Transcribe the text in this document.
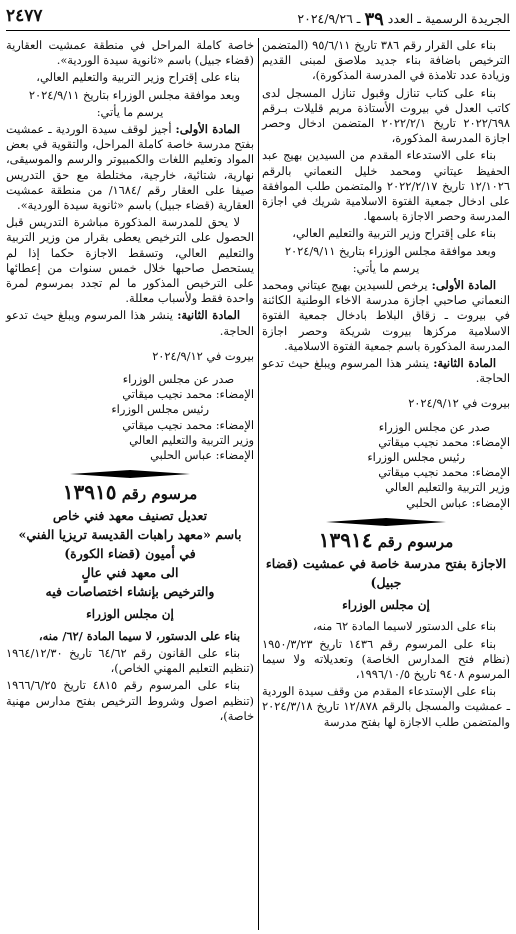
٢٤٧٧	الجريدة الرسمية ـ العدد ٣٩ ـ ٢٠٢٤/٩/٢٦

بناء على القرار رقم ٣٨٦ تاريخ ٩٥/٦/١١ (المتضمن الترخيص باضافة بناء جديد ملاصق لمبنى القديم وزيادة عدد تلامذة في المدرسة المذكورة)،

بناء على كتاب تنازل وقبول تنازل المسجل لدى كاتب العدل في بيروت الأستاذة مريم قليلات بـرقم ٢٠٢٢/٦٩٨ تاريخ ٢٠٢٢/٢/١ المتضمن ادخال وحصر اجازة المدرسة المذكورة،

بناء على الاستدعاء المقدم من السيدين بهيج عبد الحفيظ عيتاني ومحمد خليل النعماني بالرقم ١٢/١٠٢٦ تاريخ ٢٠٢٢/٢/١٧ والمتضمن طلب الموافقة على ادخال جمعية الفتوة الاسلامية شريك في اجازة المدرسة وحصر الاجازة باسمها.

بناء على إقتراح وزير التربية والتعليم العالي،

وبعد موافقة مجلس الوزراء بتاريخ ٢٠٢٤/٩/١١

يرسم ما يأتي:

المادة الأولى: يرخص للسيدين بهيج عيتاني ومحمد النعماني صاحبي اجازة مدرسة الاخاء الوطنية الكائنة في بيروت ـ زقاق البلاط بادخال جمعية الفتوة الاسلامية مركزها بيروت شريكة وحصر اجازة المدرسة المذكورة باسم جمعية الفتوة الاسلامية.

المادة الثانية: ينشر هذا المرسوم ويبلغ حيث تدعو الحاجة.

بيروت في ٢٠٢٤/٩/١٢

صدر عن مجلس الوزراء

الإمضاء: محمد نجيب ميقاتي

رئيس مجلس الوزراء

الإمضاء: محمد نجيب ميقاتي

وزير التربية والتعليم العالي

الإمضاء: عباس الحلبي

مرسوم رقم ١٣٩١٤
الاجازة بفتح مدرسة خاصة في عمشيت (قضاء جبيل)
إن مجلس الوزراء

بناء على الدستور لاسيما المادة ٦٢ منه،

بناء على المرسوم رقم ١٤٣٦ تاريخ ١٩٥٠/٣/٢٣ (نظام فتح المدارس الخاصة) وتعديلاته ولا سيما المرسوم ٩٤٠٨ تاريخ ١٩٩٦/١٠/٥،

بناء على الإستدعاء المقدم من وقف سيدة الوردية ـ عمشيت والمسجل بالرقم ١٢/٨٧٨ تاريخ ٢٠٢٤/٣/١٨ والمتضمن طلب الاجازة لها بفتح مدرسة

خاصة كاملة المراحل في منطقة عمشيت العقارية (قضاء جبيل) باسم «ثانوية سيدة الوردية».

بناء على إقتراح وزير التربية والتعليم العالي،

وبعد موافقة مجلس الوزراء بتاريخ ٢٠٢٤/٩/١١

يرسم ما يأتي:

المادة الأولى: أجيز لوقف سيدة الوردية ـ عمشيت بفتح مدرسة خاصة كاملة المراحل، والتقوية في بعض المواد وتعليم اللغات والكمبيوتر والرسم والموسيقى، نهارية، شتائية، خارجية، مختلطة مع حق التدريس صيفا على العقار رقم /١٦٨٤/ من منطقة عمشيت العقارية (قضاء جبيل) باسم «ثانوية سيدة الوردية».

لا يحق للمدرسة المذكورة مباشرة التدريس قبل الحصول على الترخيص يعطى بقرار من وزير التربية والتعليم العالي، وتسقط الاجازة حكما إذا لم يستحصل صاحبها خلال خمس سنوات من إعطائها على الترخيص المذكور ما لم تجدد بمرسوم لمرة واحدة فقط ولأسباب معللة.

المادة الثانية: ينشر هذا المرسوم ويبلغ حيث تدعو الحاجة.

بيروت في ٢٠٢٤/٩/١٢

صدر عن مجلس الوزراء

الإمضاء: محمد نجيب ميقاتي

رئيس مجلس الوزراء

الإمضاء: محمد نجيب ميقاتي

وزير التربية والتعليم العالي

الإمضاء: عباس الحلبي

مرسوم رقم ١٣٩١٥
تعديل تصنيف معهد فني خاص
باسم «معهد راهبات القديسة تريزيا الفني»
في أميون (قضاء الكورة)
الى معهد فني عالٍ
والترخيص بإنشاء اختصاصات فيه
إن مجلس الوزراء

بناء على الدستور، لا سيما المادة /٦٢/ منه،

بناء على القانون رقم ٦٤/٦٢ تاريخ ١٩٦٤/١٢/٣٠ (تنظيم التعليم المهني الخاص)،

بناء على المرسوم رقم ٤٨١٥ تاريخ ١٩٦٦/٦/٢٥ (تنظيم اصول وشروط الترخيص بفتح مدارس مهنية خاصة)،
